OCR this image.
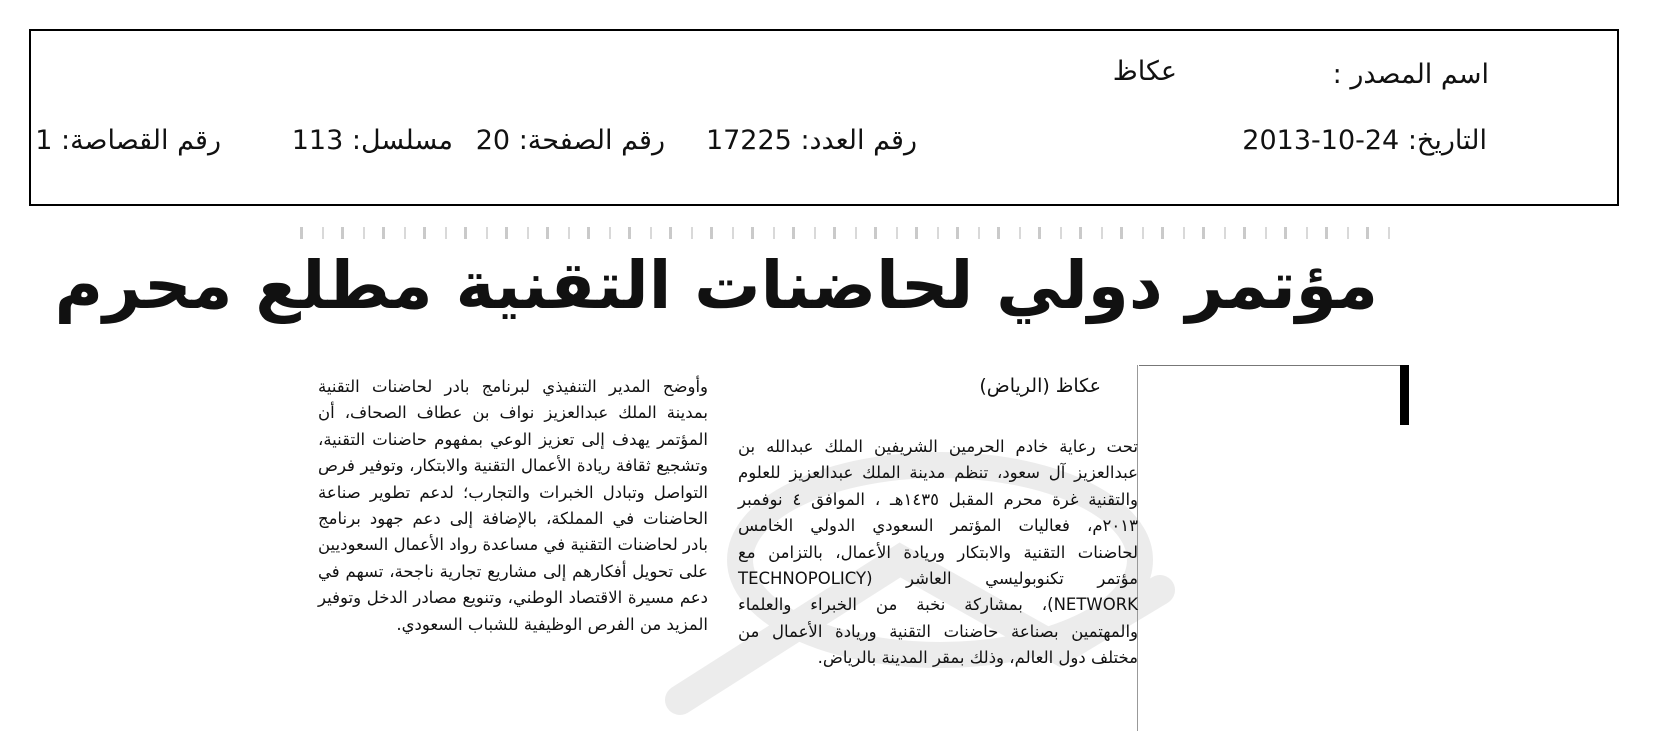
اسم المصدر :
عكاظ
التاريخ: 24-10-2013
رقم العدد: 17225
رقم الصفحة: 20
مسلسل: 113
رقم القصاصة: 1
مؤتمر دولي لحاضنات التقنية مطلع محرم
عكاظ (الرياض)

تحت رعاية خادم الحرمين الشريفين الملك عبدالله بن عبدالعزيز آل سعود، تنظم مدينة الملك عبدالعزيز للعلوم والتقنية غرة محرم المقبل ١٤٣٥هـ ، الموافق ٤ نوفمبر ٢٠١٣م، فعاليات المؤتمر السعودي الدولي الخامس لحاضنات التقنية والابتكار وريادة الأعمال، بالتزامن مع مؤتمر تكنوبوليسي العاشر (TECHNOPOLICY NETWORK)، بمشاركة نخبة من الخبراء والعلماء والمهتمين بصناعة حاضنات التقنية وريادة الأعمال من مختلف دول العالم، وذلك بمقر المدينة بالرياض.

وأوضح المدير التنفيذي لبرنامج بادر لحاضنات التقنية بمدينة الملك عبدالعزيز نواف بن عطاف الصحاف، أن المؤتمر يهدف إلى تعزيز الوعي بمفهوم حاضنات التقنية، وتشجيع ثقافة ريادة الأعمال التقنية والابتكار، وتوفير فرص التواصل وتبادل الخبرات والتجارب؛ لدعم تطوير صناعة الحاضنات في المملكة، بالإضافة إلى دعم جهود برنامج بادر لحاضنات التقنية في مساعدة رواد الأعمال السعوديين على تحويل أفكارهم إلى مشاريع تجارية ناجحة، تسهم في دعم مسيرة الاقتصاد الوطني، وتنويع مصادر الدخل وتوفير المزيد من الفرص الوظيفية للشباب السعودي.
